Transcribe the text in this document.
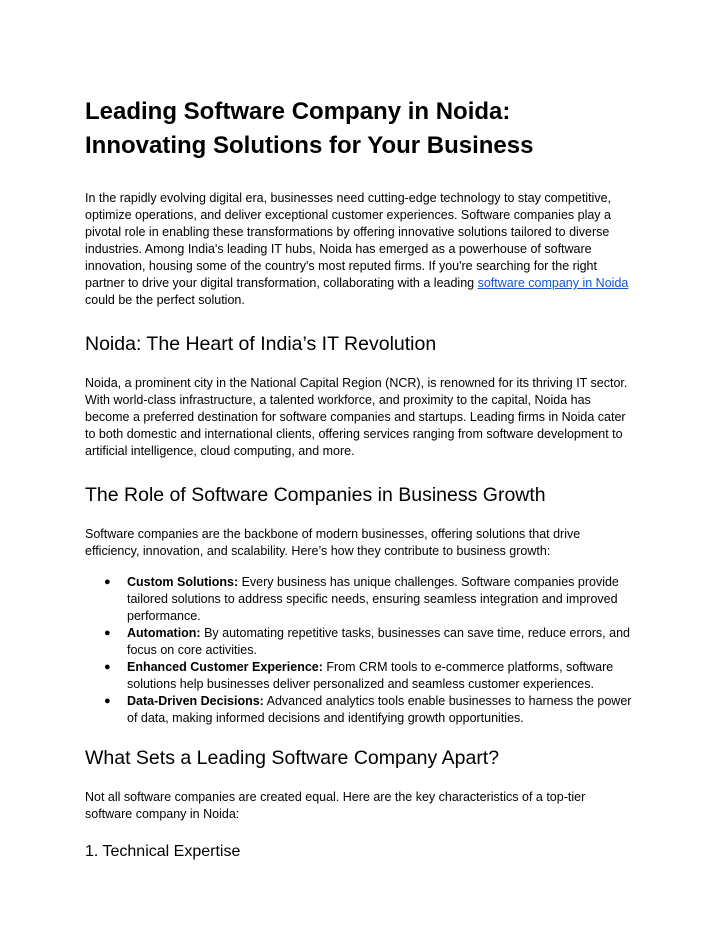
Leading Software Company in Noida: Innovating Solutions for Your Business

In the rapidly evolving digital era, businesses need cutting-edge technology to stay competitive, optimize operations, and deliver exceptional customer experiences. Software companies play a pivotal role in enabling these transformations by offering innovative solutions tailored to diverse industries. Among India's leading IT hubs, Noida has emerged as a powerhouse of software innovation, housing some of the country's most reputed firms. If you're searching for the right partner to drive your digital transformation, collaborating with a leading software company in Noida could be the perfect solution.

Noida: The Heart of India’s IT Revolution

Noida, a prominent city in the National Capital Region (NCR), is renowned for its thriving IT sector. With world-class infrastructure, a talented workforce, and proximity to the capital, Noida has become a preferred destination for software companies and startups. Leading firms in Noida cater to both domestic and international clients, offering services ranging from software development to artificial intelligence, cloud computing, and more.

The Role of Software Companies in Business Growth

Software companies are the backbone of modern businesses, offering solutions that drive efficiency, innovation, and scalability. Here’s how they contribute to business growth:

● Custom Solutions: Every business has unique challenges. Software companies provide tailored solutions to address specific needs, ensuring seamless integration and improved performance.
● Automation: By automating repetitive tasks, businesses can save time, reduce errors, and focus on core activities.
● Enhanced Customer Experience: From CRM tools to e-commerce platforms, software solutions help businesses deliver personalized and seamless customer experiences.
● Data-Driven Decisions: Advanced analytics tools enable businesses to harness the power of data, making informed decisions and identifying growth opportunities.
What Sets a Leading Software Company Apart?

Not all software companies are created equal. Here are the key characteristics of a top-tier software company in Noida:

1. Technical Expertise
